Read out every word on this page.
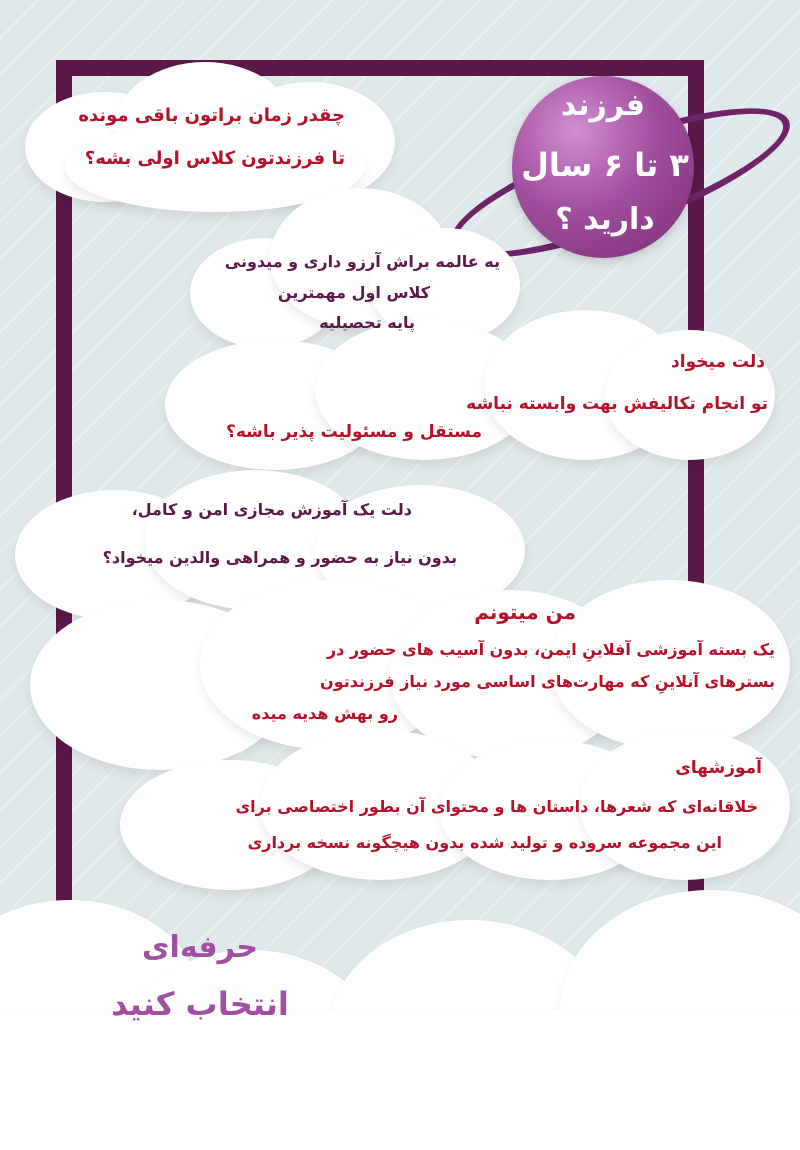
فرزند
۳ تا ۶ سال
دارید ؟
چقدر زمان براتون باقی مونده
تا فرزندتون کلاس اولی بشه؟
یه عالمه براش آرزو داری و میدونی
کلاس اول مهمترین
پایه تحصیلیه
دلت میخواد
تو انجام تکالیفش بهت وابسته نباشه
مستقل و مسئولیت پذیر باشه؟
دلت یک آموزش مجازی امن و کامل،
بدون نیاز به حضور و همراهی والدین میخواد؟
من میتونم
یک بسته آموزشی آفلاینِ ایمن، بدون آسیب های حضور در
بسترهای آنلاینِ که مهارت‌های اساسی مورد نیاز فرزندتون
رو بهش هدیه میده
آموزشهای
خلاقانه‌ای که شعرها، داستان ها و محتوای آن بطور اختصاصی برای
این مجموعه سروده و تولید شده بدون هیچگونه نسخه برداری
حرفه‌ای
انتخاب کنید
